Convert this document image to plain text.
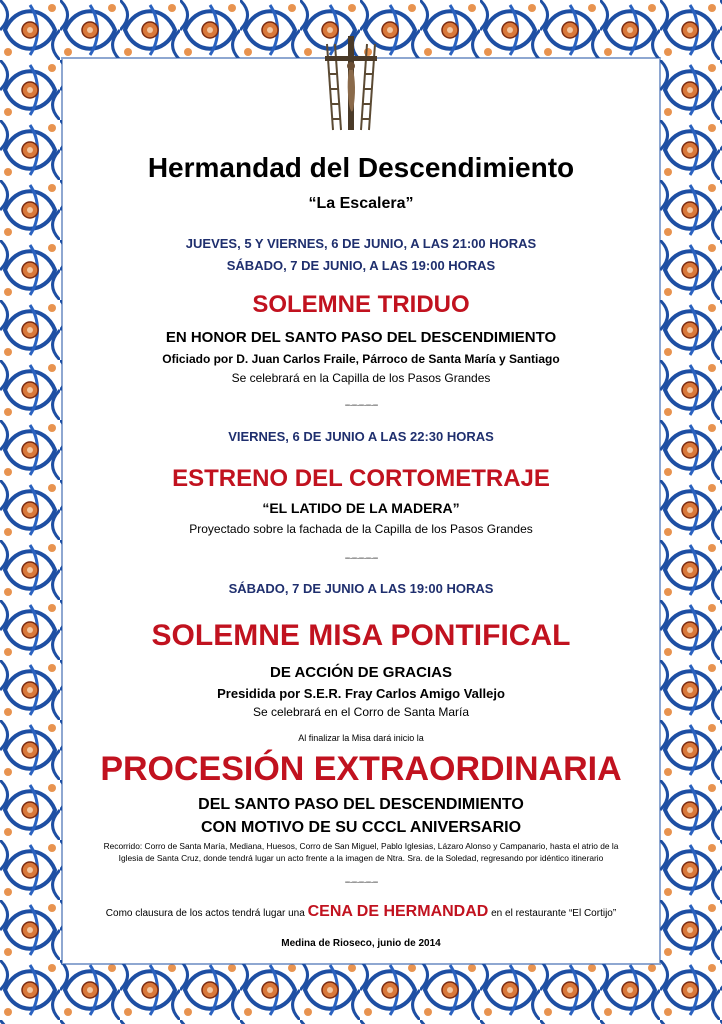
Hermandad del Descendimiento
“La Escalera”
JUEVES, 5 Y VIERNES, 6 DE JUNIO, A LAS 21:00 HORAS
SÁBADO, 7 DE JUNIO, A LAS 19:00 HORAS
SOLEMNE TRIDUO
EN HONOR DEL SANTO PASO DEL DESCENDIMIENTO
Oficiado por D. Juan Carlos Fraile, Párroco de Santa María y Santiago
Se celebrará en la Capilla de los Pasos Grandes
--·--·--·--·--
VIERNES, 6 DE JUNIO A LAS 22:30 HORAS
ESTRENO DEL CORTOMETRAJE
“EL LATIDO DE LA MADERA”
Proyectado sobre la fachada de la Capilla de los Pasos Grandes
--·--·--·--·--
SÁBADO, 7 DE JUNIO A LAS 19:00 HORAS
SOLEMNE MISA PONTIFICAL
DE ACCIÓN DE GRACIAS
Presidida por S.E.R. Fray Carlos Amigo Vallejo
Se celebrará en el Corro de Santa María
Al finalizar la Misa dará inicio la
PROCESIÓN EXTRAORDINARIA
DEL SANTO PASO DEL DESCENDIMIENTO
CON MOTIVO DE SU CCCL ANIVERSARIO
Recorrido: Corro de Santa María, Mediana, Huesos, Corro de San Miguel, Pablo Iglesias, Lázaro Alonso y Campanario, hasta el atrio de la
Iglesia de Santa Cruz, donde tendrá lugar un acto frente a la imagen de Ntra. Sra. de la Soledad, regresando por idéntico itinerario
--·--·--·--·--
Como clausura de los actos tendrá lugar una CENA DE HERMANDAD en el restaurante “El Cortijo”
Medina de Rioseco, junio de 2014
